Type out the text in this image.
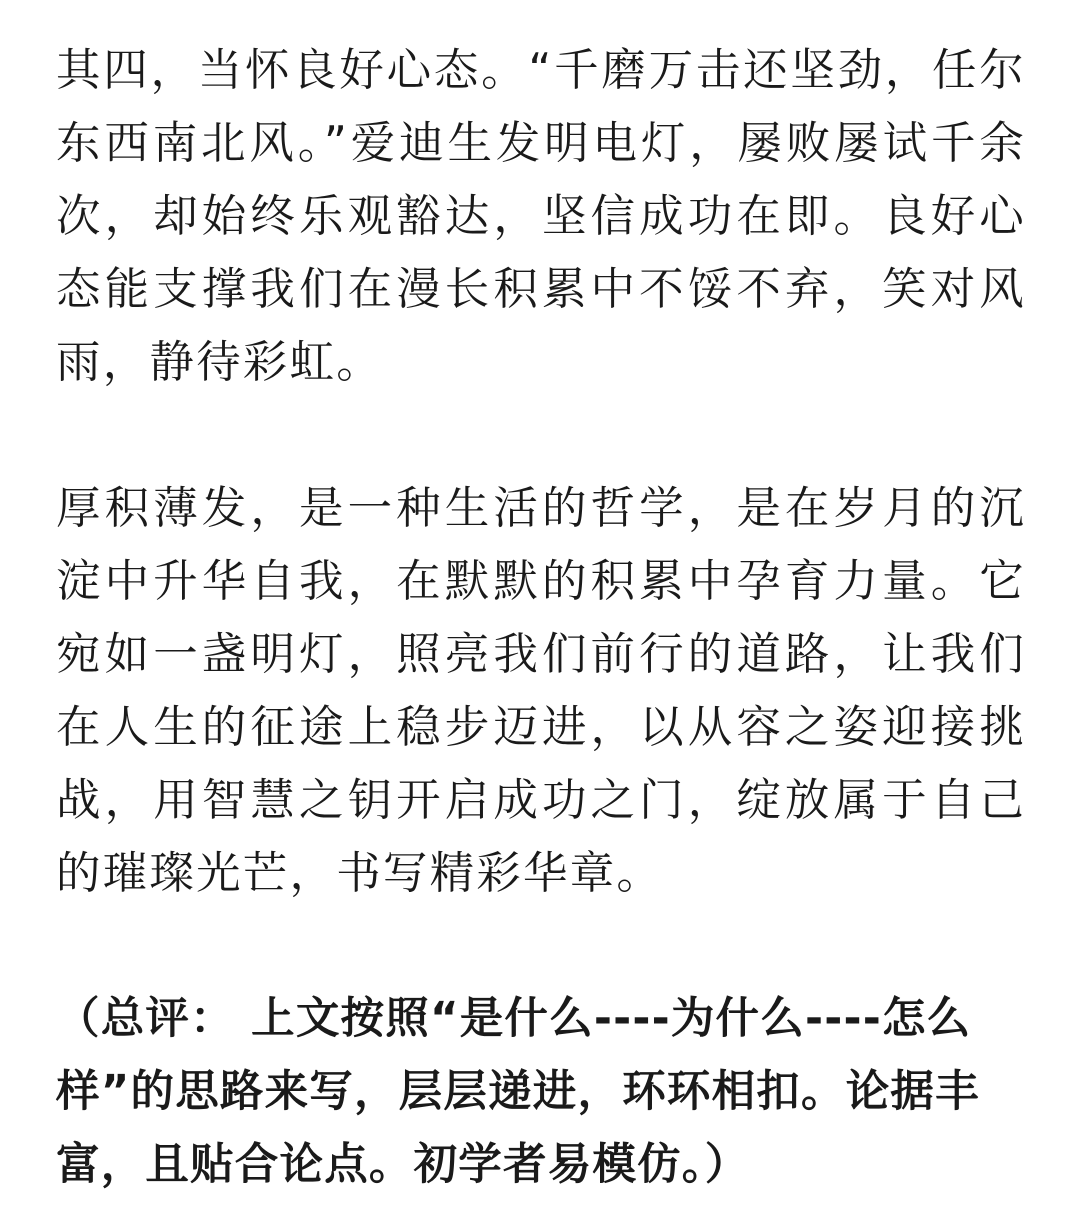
其四，当怀良好心态。“千磨万击还坚劲，任尔东西南北风。”爱迪生发明电灯，屡败屡试千余次，却始终乐观豁达，坚信成功在即。良好心态能支撑我们在漫长积累中不馁不弃，笑对风雨，静待彩虹。

厚积薄发，是一种生活的哲学，是在岁月的沉淀中升华自我，在默默的积累中孕育力量。它宛如一盏明灯，照亮我们前行的道路，让我们在人生的征途上稳步迈进，以从容之姿迎接挑战，用智慧之钥开启成功之门，绽放属于自己的璀璨光芒，书写精彩华章。

（总评： 上文按照“是什么----为什么----怎么样”的思路来写，层层递进，环环相扣。论据丰富，且贴合论点。初学者易模仿。）
